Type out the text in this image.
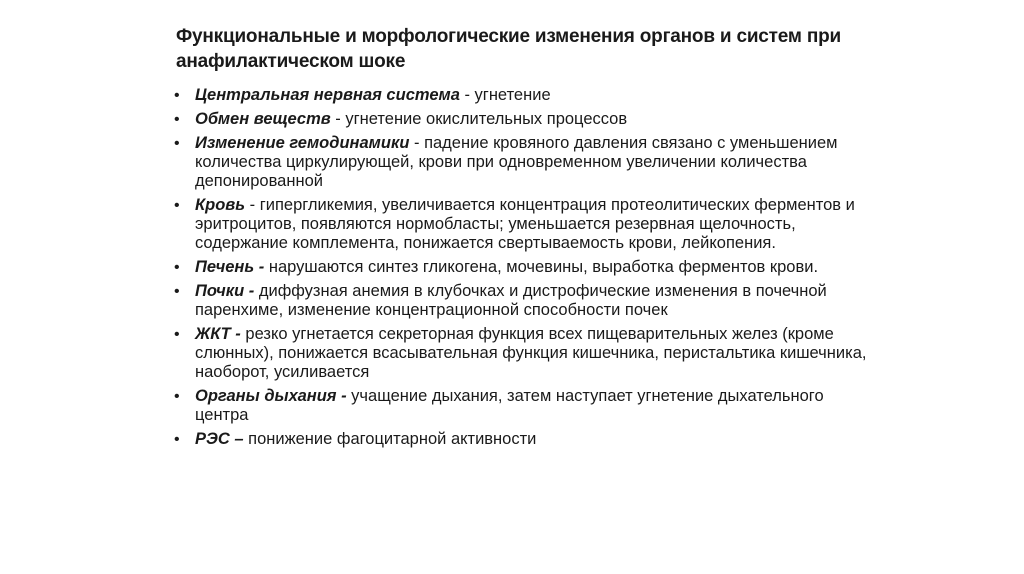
Функциональные и морфологические изменения органов и систем при анафилактическом шоке
• Центральная нервная система - угнетение
• Обмен веществ - угнетение окислительных процессов
• Изменение гемодинамики - падение кровяного давления связано с уменьшением количества циркулирующей, крови при одновременном увеличении количества депонированной
• Кровь - гипергликемия, увеличивается концентрация протеолитических ферментов и эритроцитов, появляются нормобласты; уменьшается резервная щелочность, содержание комплемента, понижается свертываемость крови, лейкопения.
• Печень - нарушаются синтез гликогена, мочевины, выработка ферментов крови.
• Почки - диффузная анемия в клубочках и дистрофические изменения в почечной паренхиме, изменение концентрационной способности почек
• ЖКТ - резко угнетается секреторная функция всех пищеварительных желез (кроме слюнных), понижается всасывательная функция кишечника, перистальтика кишечника, наоборот, усиливается
• Органы дыхания - учащение дыхания, затем наступает угнетение дыхательного центра
• РЭС – понижение фагоцитарной активности
